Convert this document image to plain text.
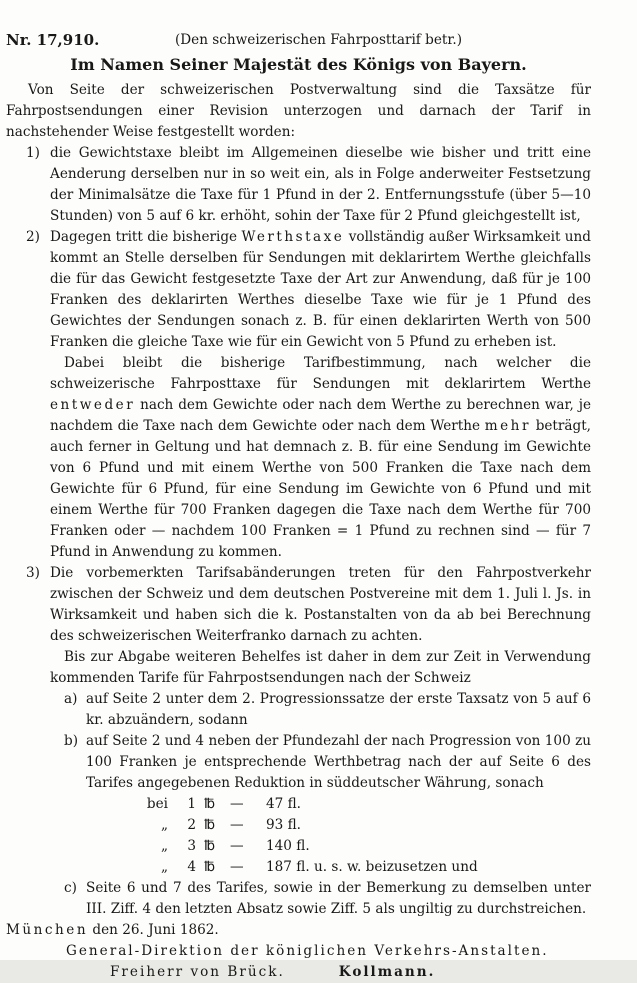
Nr. 17,910.	(Den schweizerischen Fahrposttarif betr.)
Im Namen Seiner Majestät des Königs von Bayern.

Von Seite der schweizerischen Postverwaltung sind die Taxsätze für Fahrpostsendungen einer Revision unterzogen und darnach der Tarif in nachstehender Weise festgestellt worden:

1) die Gewichtstaxe bleibt im Allgemeinen dieselbe wie bisher und tritt eine Aenderung derselben nur in so weit ein, als in Folge anderweiter Festsetzung der Minimalsätze die Taxe für 1 Pfund in der 2. Entfernungsstufe (über 5—10 Stunden) von 5 auf 6 kr. erhöht, sohin der Taxe für 2 Pfund gleichgestellt ist,

2) Dagegen tritt die bisherige Werthstaxe vollständig außer Wirksamkeit und kommt an Stelle derselben für Sendungen mit deklarirtem Werthe gleichfalls die für das Gewicht festgesetzte Taxe der Art zur Anwendung, daß für je 100 Franken des deklarirten Werthes dieselbe Taxe wie für je 1 Pfund des Gewichtes der Sendungen sonach z. B. für einen deklarirten Werth von 500 Franken die gleiche Taxe wie für ein Gewicht von 5 Pfund zu erheben ist.

Dabei bleibt die bisherige Tarifbestimmung, nach welcher die schweizerische Fahrposttaxe für Sendungen mit deklarirtem Werthe entweder nach dem Gewichte oder nach dem Werthe zu berechnen war, je nachdem die Taxe nach dem Gewichte oder nach dem Werthe mehr beträgt, auch ferner in Geltung und hat demnach z. B. für eine Sendung im Gewichte von 6 Pfund und mit einem Werthe von 500 Franken die Taxe nach dem Gewichte für 6 Pfund, für eine Sendung im Gewichte von 6 Pfund und mit einem Werthe für 700 Franken dagegen die Taxe nach dem Werthe für 700 Franken oder — nachdem 100 Franken = 1 Pfund zu rechnen sind — für 7 Pfund in Anwendung zu kommen.

3) Die vorbemerkten Tarifsabänderungen treten für den Fahrpostverkehr zwischen der Schweiz und dem deutschen Postvereine mit dem 1. Juli l. Js. in Wirksamkeit und haben sich die k. Postanstalten von da ab bei Berechnung des schweizerischen Weiterfranko darnach zu achten.

Bis zur Abgabe weiteren Behelfes ist daher in dem zur Zeit in Verwendung kommenden Tarife für Fahrpostsendungen nach der Schweiz

a) auf Seite 2 unter dem 2. Progressionssatze der erste Taxsatz von 5 auf 6 kr. abzuändern, sodann

b) auf Seite 2 und 4 neben der Pfundezahl der nach Progression von 100 zu 100 Franken je entsprechende Werthbetrag nach der auf Seite 6 des Tarifes angegebenen Reduktion in süddeutscher Währung, sonach

bei	1 ℔	—	47 fl.
„	2 ℔	—	93 fl.
„	3 ℔	—	140 fl.
„	4 ℔	—	187 fl. u. s. w. beizusetzen und
c) Seite 6 und 7 des Tarifes, sowie in der Bemerkung zu demselben unter III. Ziff. 4 den letzten Absatz sowie Ziff. 5 als ungiltig zu durchstreichen.

München den 26. Juni 1862.

General-Direktion der königlichen Verkehrs-Anstalten.
Freiherr von Brück.	Kollmann.
